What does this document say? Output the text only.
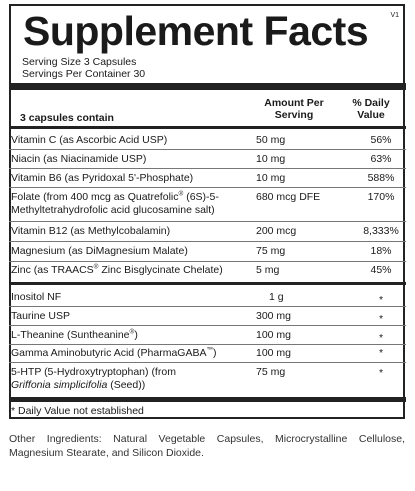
Supplement Facts	V1
Serving Size 3 Capsules
Servings Per Container 30
3 capsules contain
Amount Per
Serving
% Daily
Value
Vitamin C (as Ascorbic Acid USP)	50 mg	56%
Niacin (as Niacinamide USP)	10 mg	63%
Vitamin B6 (as Pyridoxal 5'-Phosphate)	10 mg	588%
Folate (from 400 mcg as Quatrefolic® (6S)-5-
Methyltetrahydrofolic acid glucosamine salt)
680 mcg DFE	170%
Vitamin B12 (as Methylcobalamin)	200 mcg	8,333%
Magnesium (as DiMagnesium Malate)	75 mg	18%
Zinc (as TRAACS® Zinc Bisglycinate Chelate)	5 mg	45%
Inositol NF	1 g	*
Taurine USP	300 mg	*
L-Theanine (Suntheanine®)	100 mg	*
Gamma Aminobutyric Acid (PharmaGABA™)	100 mg	*
5-HTP (5-Hydroxytryptophan) (from
Griffonia simplicifolia (Seed))
75 mg	*
* Daily Value not established
Other Ingredients: Natural Vegetable Capsules, Microcrystalline Cellulose, Magnesium Stearate, and Silicon Dioxide.
